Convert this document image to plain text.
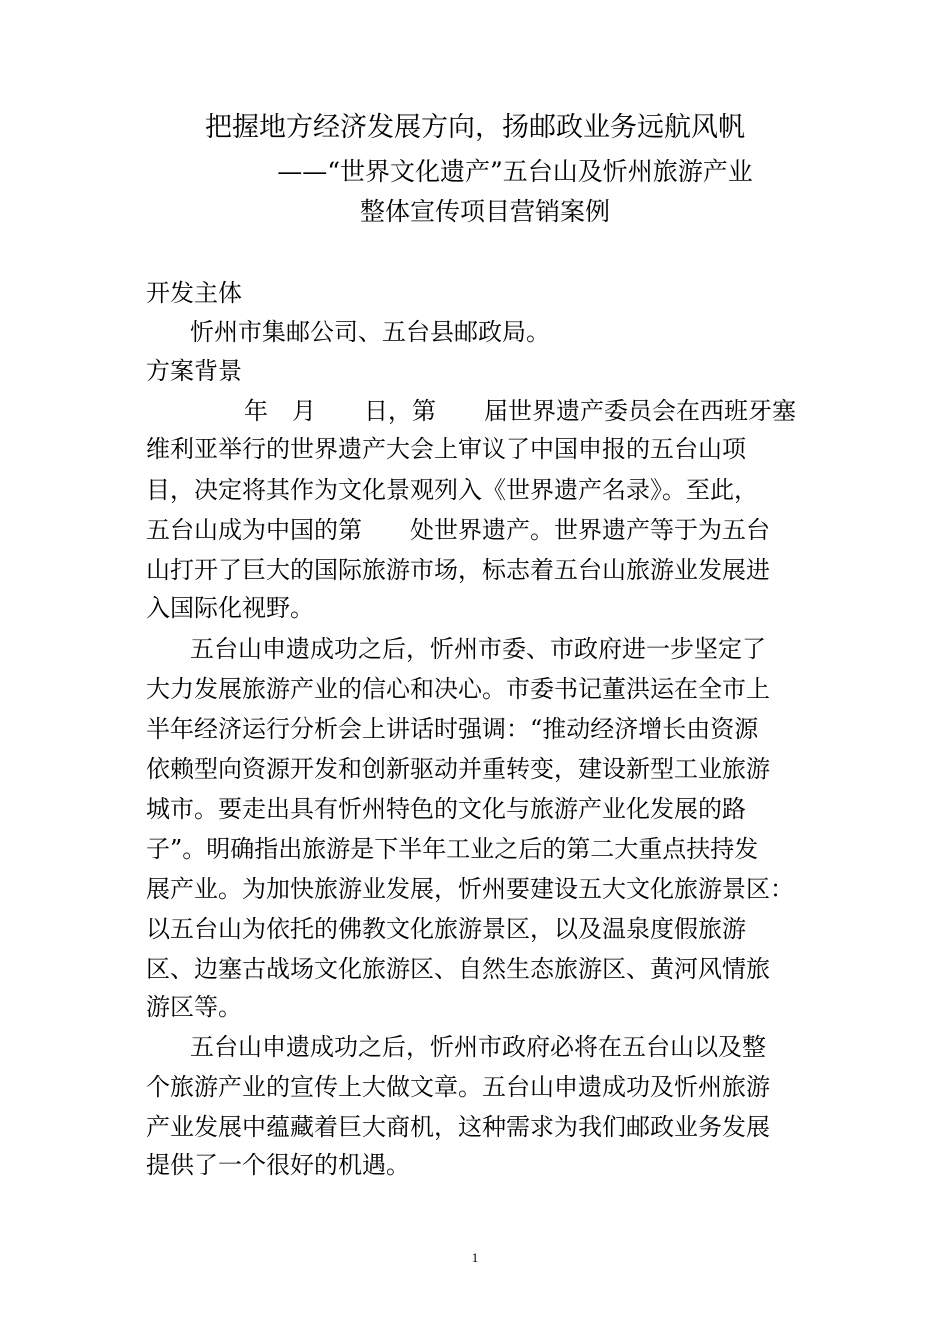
把握地方经济发展方向，扬邮政业务远航风帆
——“世界文化遗产”五台山及忻州旅游产业
整体宣传项目营销案例
开发主体
忻州市集邮公司、五台县邮政局。
方案背景
年　月　　日，第　　届世界遗产委员会在西班牙塞
维利亚举行的世界遗产大会上审议了中国申报的五台山项
目，决定将其作为文化景观列入《世界遗产名录》。至此，
五台山成为中国的第　　处世界遗产。世界遗产等于为五台
山打开了巨大的国际旅游市场，标志着五台山旅游业发展进
入国际化视野。
五台山申遗成功之后，忻州市委、市政府进一步坚定了
大力发展旅游产业的信心和决心。市委书记董洪运在全市上
半年经济运行分析会上讲话时强调：“推动经济增长由资源
依赖型向资源开发和创新驱动并重转变，建设新型工业旅游
城市。要走出具有忻州特色的文化与旅游产业化发展的路
子”。明确指出旅游是下半年工业之后的第二大重点扶持发
展产业。为加快旅游业发展，忻州要建设五大文化旅游景区：
以五台山为依托的佛教文化旅游景区，以及温泉度假旅游
区、边塞古战场文化旅游区、自然生态旅游区、黄河风情旅
游区等。
五台山申遗成功之后，忻州市政府必将在五台山以及整
个旅游产业的宣传上大做文章。五台山申遗成功及忻州旅游
产业发展中蕴藏着巨大商机，这种需求为我们邮政业务发展
提供了一个很好的机遇。
1
